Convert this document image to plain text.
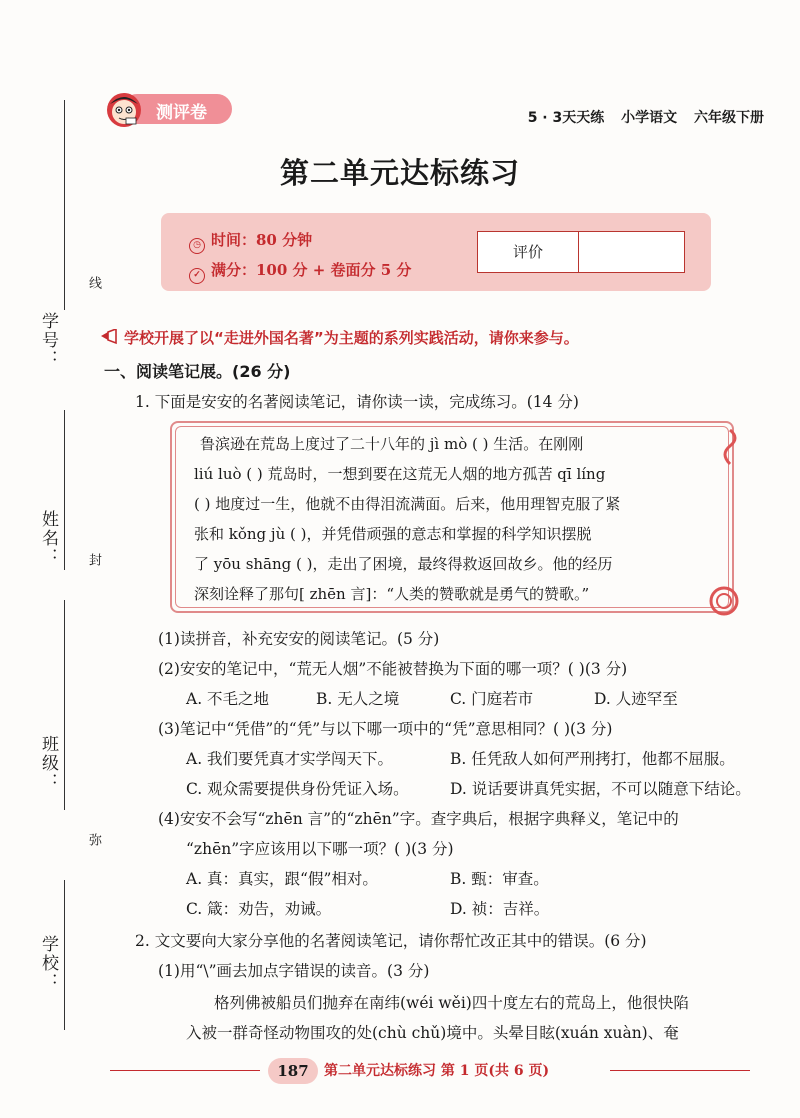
学号：
姓名：
班级：
学校：
线
封
弥
测评卷	5 · 3天天练 小学语文 六年级下册
第二单元达标练习
◷ 时间：80 分钟
✓ 满分：100 分 + 卷面分 5 分
评价
学校开展了以“走进外国名著”为主题的系列实践活动，请你来参与。
一、阅读笔记展。(26 分)
1. 下面是安安的名著阅读笔记，请你读一读，完成练习。(14 分)
鲁滨逊在荒岛上度过了二十八年的 jì mò ( ) 生活。在刚刚
liú luò ( ) 荒岛时，一想到要在这荒无人烟的地方孤苦 qī líng
( ) 地度过一生，他就不由得泪流满面。后来，他用理智克服了紧
张和 kǒng jù ( )，并凭借顽强的意志和掌握的科学知识摆脱
了 yōu shāng ( )，走出了困境，最终得救返回故乡。他的经历
深刻诠释了那句[ zhēn 言]：“人类的赞歌就是勇气的赞歌。”
(1)读拼音，补充安安的阅读笔记。(5 分)
(2)安安的笔记中，“荒无人烟”不能被替换为下面的哪一项？( )(3 分)
A. 不毛之地	B. 无人之境	C. 门庭若市	D. 人迹罕至
(3)笔记中“凭借”的“凭”与以下哪一项中的“凭”意思相同？( )(3 分)
A. 我们要凭真才实学闯天下。	B. 任凭敌人如何严刑拷打，他都不屈服。
C. 观众需要提供身份凭证入场。	D. 说话要讲真凭实据，不可以随意下结论。
(4)安安不会写“zhēn 言”的“zhēn”字。查字典后，根据字典释义，笔记中的
“zhēn”字应该用以下哪一项？( )(3 分)
A. 真：真实，跟“假”相对。	B. 甄：审查。
C. 箴：劝告，劝诫。	D. 祯：吉祥。
2. 文文要向大家分享他的名著阅读笔记，请你帮忙改正其中的错误。(6 分)
(1)用“\”画去加点字错误的读音。(3 分)
格列佛被船员们抛弃在南纬(wéi wěi)四十度左右的荒岛上，他很快陷
入被一群奇怪动物围攻的处(chù chǔ)境中。头晕目眩(xuán xuàn)、奄
187	第二单元达标练习 第 1 页(共 6 页)
